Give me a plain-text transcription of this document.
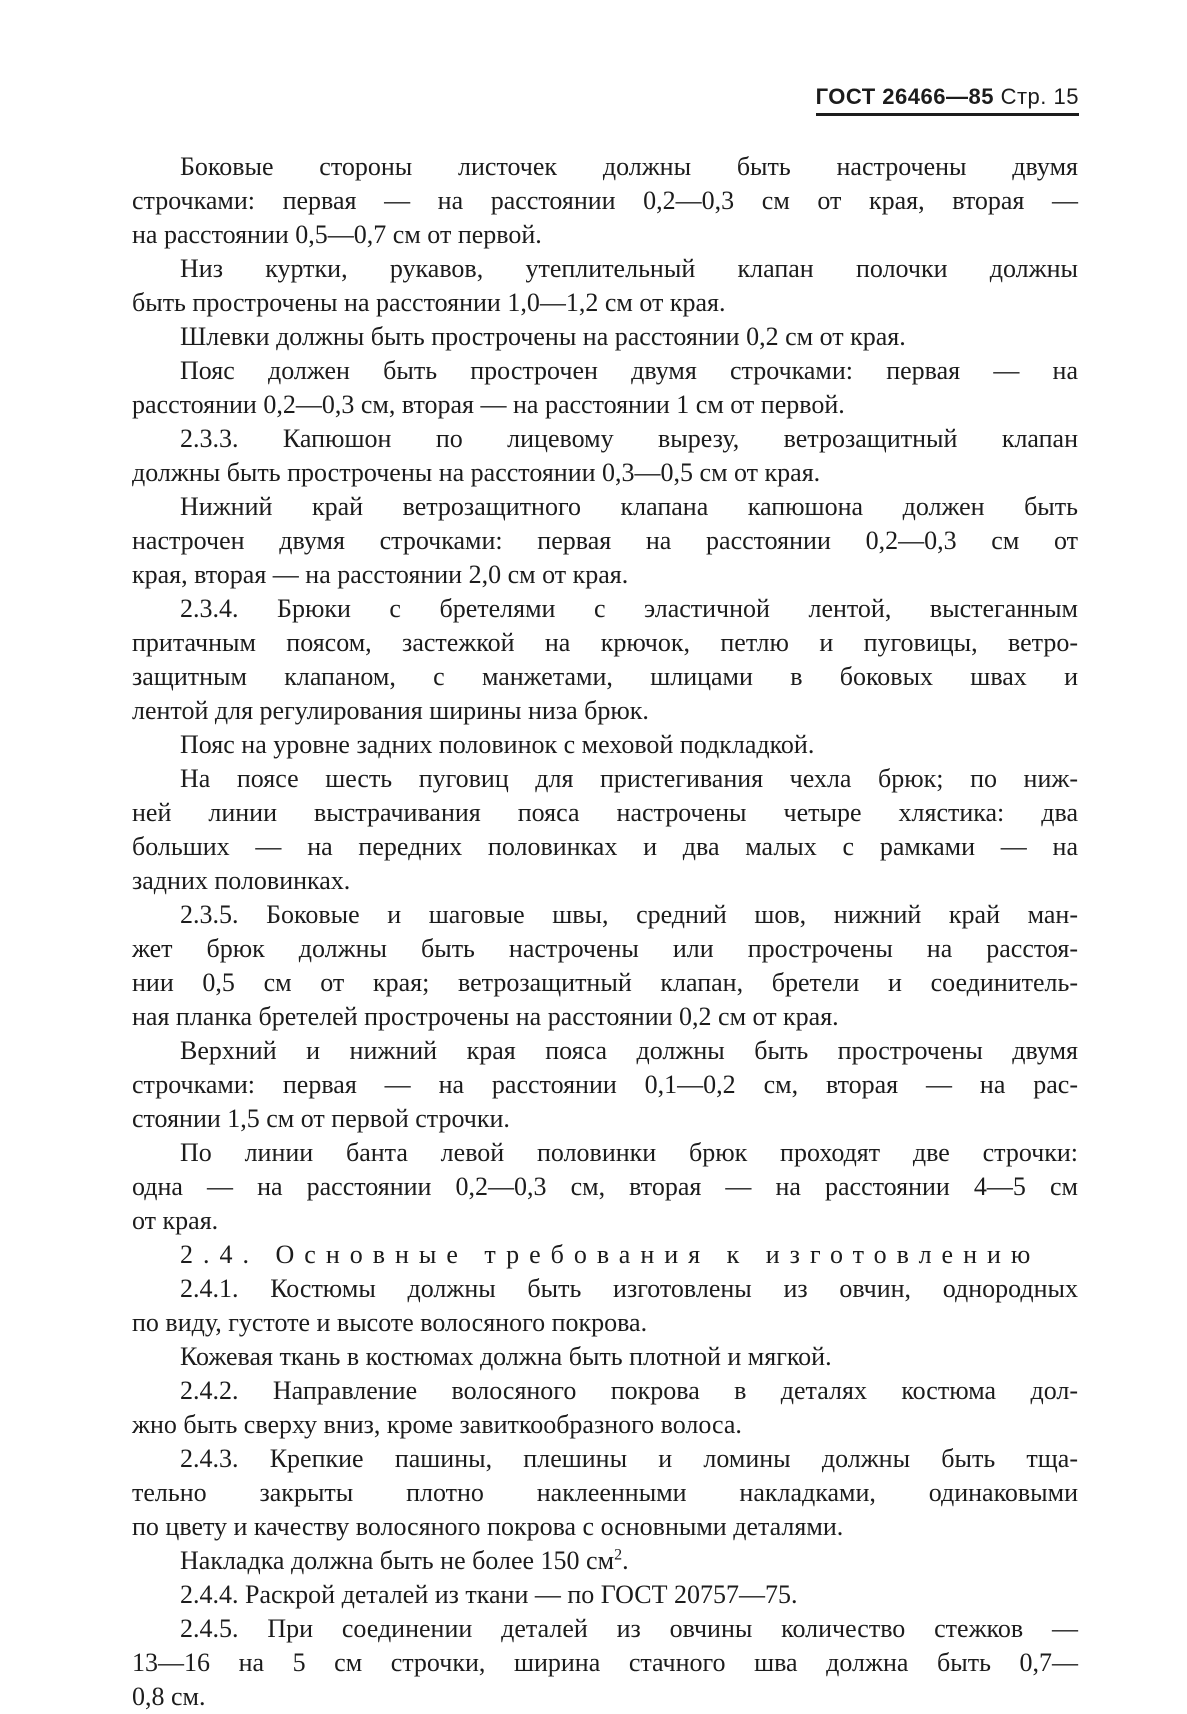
ГОСТ 26466—85 Стр. 15
Боковые стороны листочек должны быть настрочены двумя
строчками: первая — на расстоянии 0,2—0,3 см от края, вторая —
на расстоянии 0,5—0,7 см от первой.
Низ куртки, рукавов, утеплительный клапан полочки должны
быть прострочены на расстоянии 1,0—1,2 см от края.
Шлевки должны быть прострочены на расстоянии 0,2 см от края.
Пояс должен быть прострочен двумя строчками: первая — на
расстоянии 0,2—0,3 см, вторая — на расстоянии 1 см от первой.
2.3.3. Капюшон по лицевому вырезу, ветрозащитный клапан
должны быть прострочены на расстоянии 0,3—0,5 см от края.
Нижний край ветрозащитного клапана капюшона должен быть
настрочен двумя строчками: первая на расстоянии 0,2—0,3 см от
края, вторая — на расстоянии 2,0 см от края.
2.3.4. Брюки с бретелями с эластичной лентой, выстеганным
притачным поясом, застежкой на крючок, петлю и пуговицы, ветро-
защитным клапаном, с манжетами, шлицами в боковых швах и
лентой для регулирования ширины низа брюк.
Пояс на уровне задних половинок с меховой подкладкой.
На поясе шесть пуговиц для пристегивания чехла брюк; по ниж-
ней линии выстрачивания пояса настрочены четыре хлястика: два
больших — на передних половинках и два малых с рамками — на
задних половинках.
2.3.5. Боковые и шаговые швы, средний шов, нижний край ман-
жет брюк должны быть настрочены или прострочены на расстоя-
нии 0,5 см от края; ветрозащитный клапан, бретели и соединитель-
ная планка бретелей прострочены на расстоянии 0,2 см от края.
Верхний и нижний края пояса должны быть прострочены двумя
строчками: первая — на расстоянии 0,1—0,2 см, вторая — на рас-
стоянии 1,5 см от первой строчки.
По линии банта левой половинки брюк проходят две строчки:
одна — на расстоянии 0,2—0,3 см, вторая — на расстоянии 4—5 см
от края.
2.4. Основные требования к изготовлению
2.4.1. Костюмы должны быть изготовлены из овчин, однородных
по виду, густоте и высоте волосяного покрова.
Кожевая ткань в костюмах должна быть плотной и мягкой.
2.4.2. Направление волосяного покрова в деталях костюма дол-
жно быть сверху вниз, кроме завиткообразного волоса.
2.4.3. Крепкие пашины, плешины и ломины должны быть тща-
тельно закрыты плотно наклеенными накладками, одинаковыми
по цвету и качеству волосяного покрова с основными деталями.
Накладка должна быть не более 150 $см^2$.
2.4.4. Раскрой деталей из ткани — по ГОСТ 20757—75.
2.4.5. При соединении деталей из овчины количество стежков —
13—16 на 5 см строчки, ширина стачного шва должна быть 0,7—
0,8 см.
